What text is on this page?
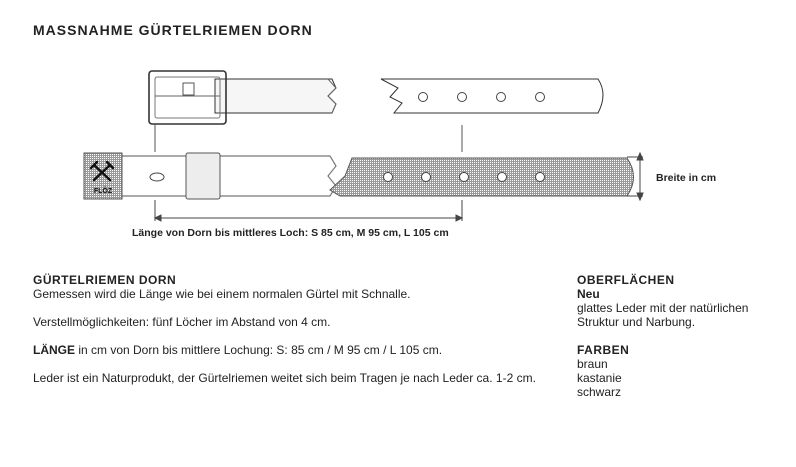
MASSNAHME GÜRTELRIEMEN DORN
FLÖZ
Breite in cm
Länge von Dorn bis mittleres Loch: S 85 cm, M 95 cm, L 105 cm

GÜRTELRIEMEN DORN

Gemessen wird die Länge wie bei einem normalen Gürtel mit Schnalle.

Verstellmöglichkeiten: fünf Löcher im Abstand von 4 cm.

LÄNGE in cm von Dorn bis mittlere Lochung: S: 85 cm / M 95 cm / L 105 cm.

Leder ist ein Naturprodukt, der Gürtelriemen weitet sich beim Tragen je nach Leder ca. 1-2 cm.

OBERFLÄCHEN

Neu

glattes Leder mit der natürlichen Struktur und Narbung.

FARBEN

braun

kastanie

schwarz
